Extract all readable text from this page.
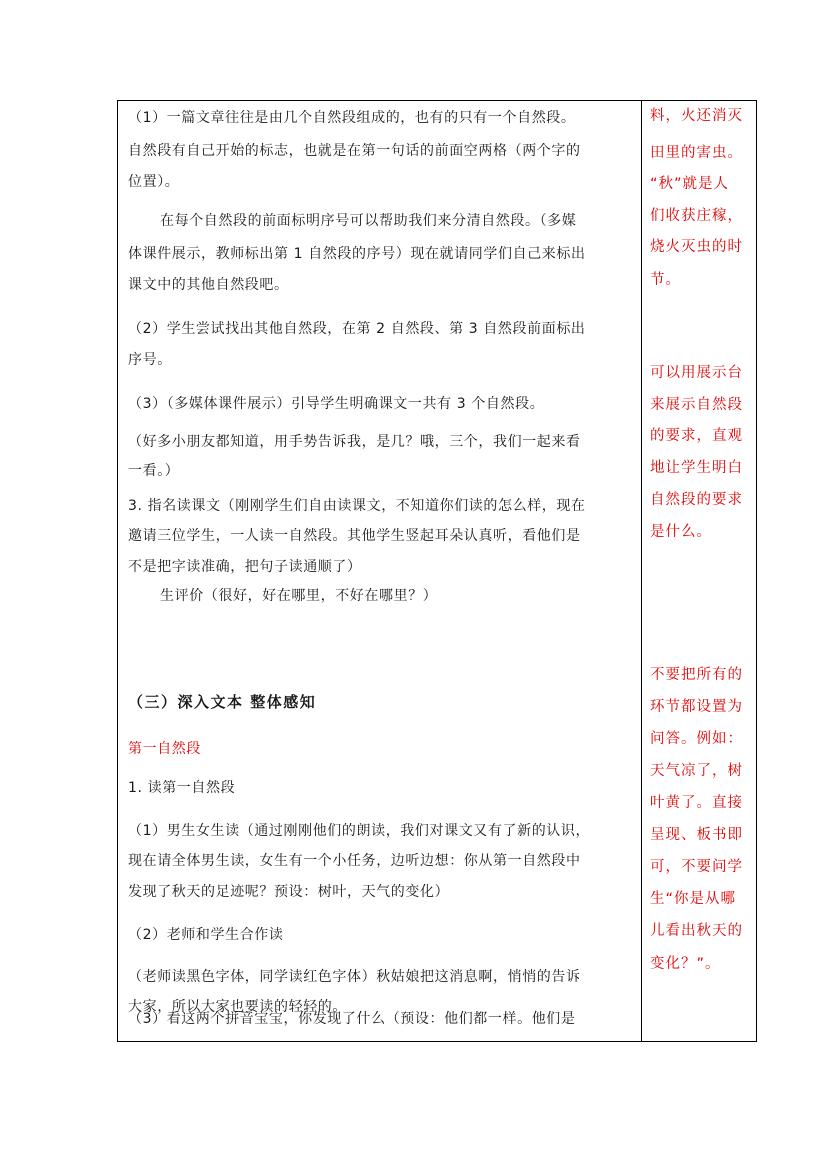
（1）一篇文章往往是由几个自然段组成的，也有的只有一个自然段。

自然段有自己开始的标志，也就是在第一句话的前面空两格（两个字的

位置）。

在每个自然段的前面标明序号可以帮助我们来分清自然段。（多媒

体课件展示，教师标出第 1 自然段的序号）现在就请同学们自己来标出

课文中的其他自然段吧。

（2）学生尝试找出其他自然段，在第 2 自然段、第 3 自然段前面标出

序号。

（3）（多媒体课件展示）引导学生明确课文一共有 3 个自然段。

（好多小朋友都知道，用手势告诉我，是几？哦，三个，我们一起来看

一看。）

3. 指名读课文（刚刚学生们自由读课文，不知道你们读的怎么样，现在

邀请三位学生，一人读一自然段。其他学生竖起耳朵认真听，看他们是

不是把字读准确，把句子读通顺了）

生评价（很好，好在哪里，不好在哪里？）

（三）深入文本 整体感知

第一自然段

1. 读第一自然段

（1）男生女生读（通过刚刚他们的朗读，我们对课文又有了新的认识，

现在请全体男生读，女生有一个小任务，边听边想：你从第一自然段中

发现了秋天的足迹呢？预设：树叶，天气的变化）

（2）老师和学生合作读

（老师读黑色字体，同学读红色字体）秋姑娘把这消息啊，悄悄的告诉

大家，所以大家也要读的轻轻的。

（3）看这两个拼音宝宝，你发现了什么（预设：他们都一样。他们是

料，火还消灭

田里的害虫。

“秋”就是人

们收获庄稼，

烧火灭虫的时

节。

可以用展示台

来展示自然段

的要求，直观

地让学生明白

自然段的要求

是什么。

不要把所有的

环节都设置为

问答。例如：

天气凉了，树

叶黄了。直接

呈现、板书即

可，不要问学

生“你是从哪

儿看出秋天的

变化？”。
